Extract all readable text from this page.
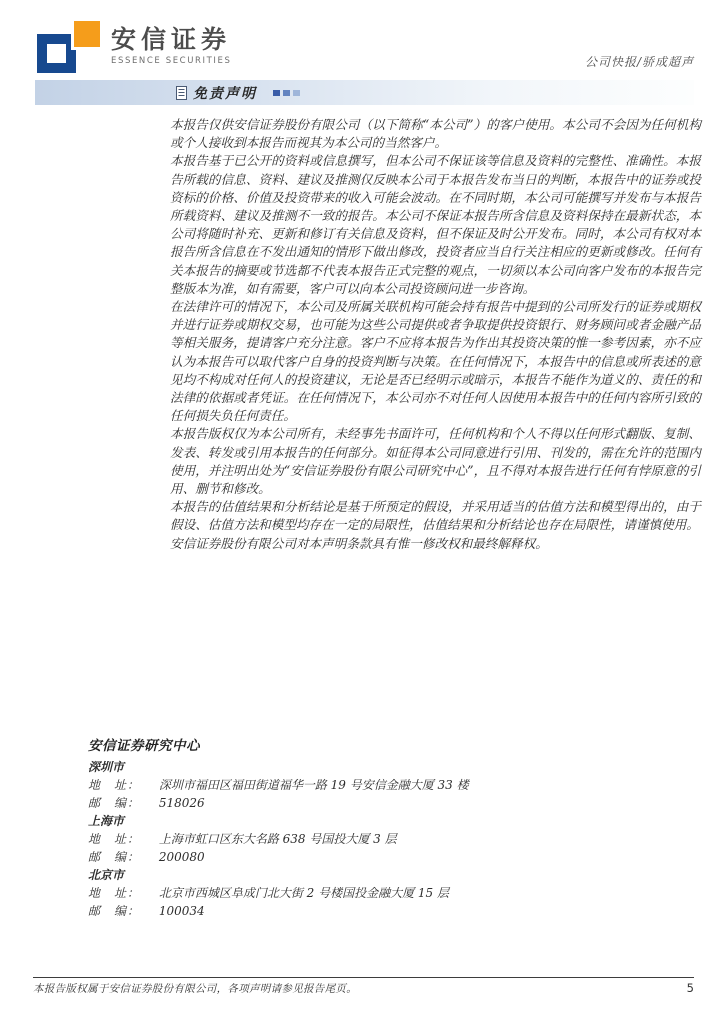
安信证券
ESSENCE SECURITIES	公司快报/骄成超声
免责声明

本报告仅供安信证券股份有限公司（以下简称“本公司”）的客户使用。本公司不会因为任何机构或个人接收到本报告而视其为本公司的当然客户。

本报告基于已公开的资料或信息撰写，但本公司不保证该等信息及资料的完整性、准确性。本报告所载的信息、资料、建议及推测仅反映本公司于本报告发布当日的判断，本报告中的证券或投资标的价格、价值及投资带来的收入可能会波动。在不同时期，本公司可能撰写并发布与本报告所载资料、建议及推测不一致的报告。本公司不保证本报告所含信息及资料保持在最新状态，本公司将随时补充、更新和修订有关信息及资料，但不保证及时公开发布。同时，本公司有权对本报告所含信息在不发出通知的情形下做出修改，投资者应当自行关注相应的更新或修改。任何有关本报告的摘要或节选都不代表本报告正式完整的观点，一切须以本公司向客户发布的本报告完整版本为准，如有需要，客户可以向本公司投资顾问进一步咨询。

在法律许可的情况下，本公司及所属关联机构可能会持有报告中提到的公司所发行的证券或期权并进行证券或期权交易，也可能为这些公司提供或者争取提供投资银行、财务顾问或者金融产品等相关服务，提请客户充分注意。客户不应将本报告为作出其投资决策的惟一参考因素，亦不应认为本报告可以取代客户自身的投资判断与决策。在任何情况下，本报告中的信息或所表述的意见均不构成对任何人的投资建议，无论是否已经明示或暗示，本报告不能作为道义的、责任的和法律的依据或者凭证。在任何情况下，本公司亦不对任何人因使用本报告中的任何内容所引致的任何损失负任何责任。

本报告版权仅为本公司所有，未经事先书面许可，任何机构和个人不得以任何形式翻版、复制、发表、转发或引用本报告的任何部分。如征得本公司同意进行引用、刊发的，需在允许的范围内使用，并注明出处为“安信证券股份有限公司研究中心”，且不得对本报告进行任何有悖原意的引用、删节和修改。

本报告的估值结果和分析结论是基于所预定的假设，并采用适当的估值方法和模型得出的，由于假设、估值方法和模型均存在一定的局限性，估值结果和分析结论也存在局限性，请谨慎使用。

安信证券股份有限公司对本声明条款具有惟一修改权和最终解释权。

安信证券研究中心
深圳市
地　址： 深圳市福田区福田街道福华一路 19 号安信金融大厦 33 楼
邮　编： 518026
上海市
地　址： 上海市虹口区东大名路 638 号国投大厦 3 层
邮　编： 200080
北京市
地　址： 北京市西城区阜成门北大街 2 号楼国投金融大厦 15 层
邮　编： 100034
本报告版权属于安信证券股份有限公司，各项声明请参见报告尾页。	5
